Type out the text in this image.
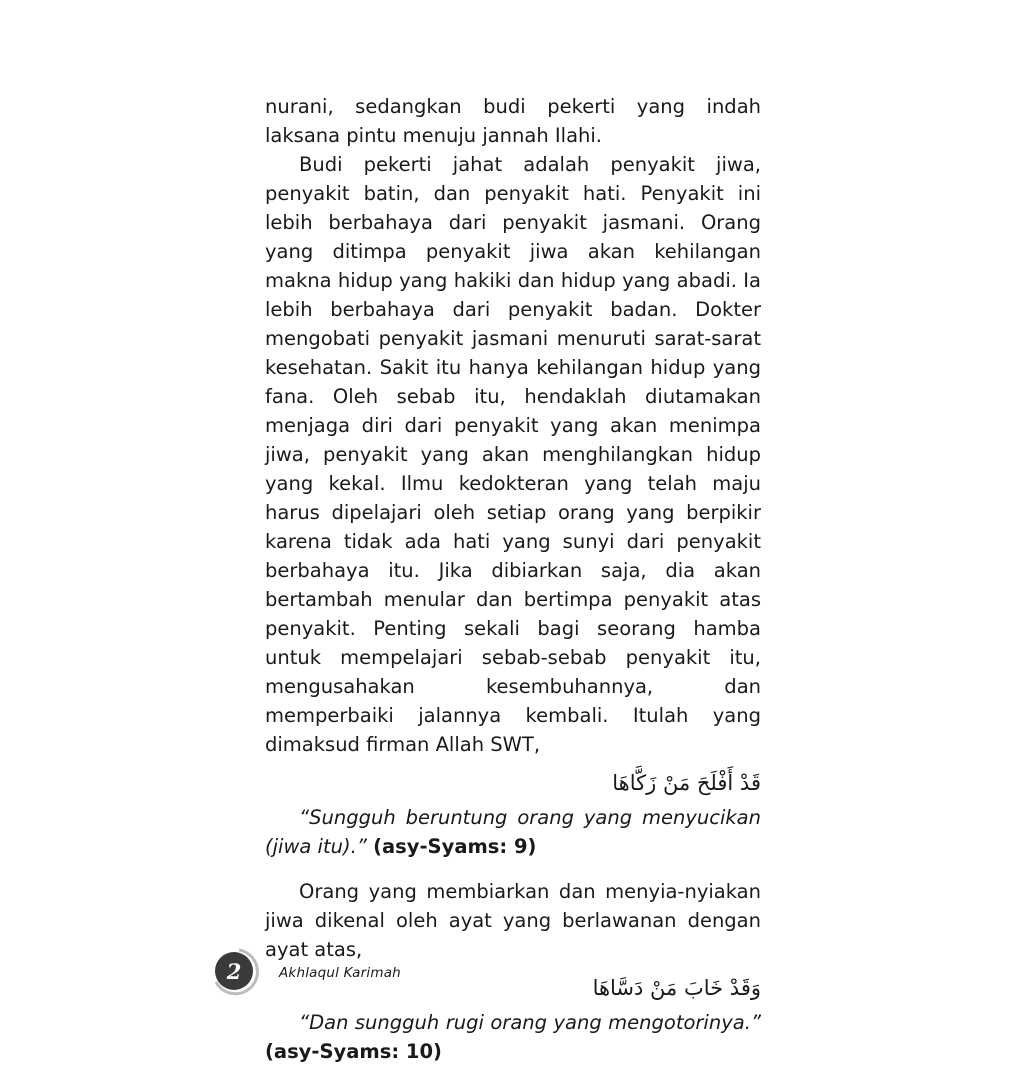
nurani, sedangkan budi pekerti yang indah laksana pintu menuju jannah Ilahi.

Budi pekerti jahat adalah penyakit jiwa, penyakit batin, dan penyakit hati. Penyakit ini lebih berbahaya dari penyakit jasmani. Orang yang ditimpa penyakit jiwa akan kehilangan makna hidup yang hakiki dan hidup yang abadi. Ia lebih berbahaya dari penyakit badan. Dokter mengobati penyakit jasmani menuruti sarat-sarat kesehatan. Sakit itu hanya kehilangan hidup yang fana. Oleh sebab itu, hendaklah diutamakan menjaga diri dari penyakit yang akan menimpa jiwa, penyakit yang akan menghilangkan hidup yang kekal. Ilmu kedokteran yang telah maju harus dipelajari oleh setiap orang yang berpikir karena tidak ada hati yang sunyi dari penyakit berbahaya itu. Jika dibiarkan saja, dia akan bertambah menular dan bertimpa penyakit atas penyakit. Penting sekali bagi seorang hamba untuk mempelajari sebab-sebab penyakit itu, mengusahakan kesembuhannya, dan memperbaiki jalannya kembali. Itulah yang dimaksud firman Allah SWT,

قَدْ أَفْلَحَ مَنْ زَكَّاهَا

“Sungguh beruntung orang yang menyucikan (jiwa itu).” (asy-Syams: 9)

Orang yang membiarkan dan menyia-nyiakan jiwa dikenal oleh ayat yang berlawanan dengan ayat atas,

وَقَدْ خَابَ مَنْ دَسَّاهَا

“Dan sungguh rugi orang yang mengotorinya.” (asy-Syams: 10)

2	Akhlaqul Karimah
